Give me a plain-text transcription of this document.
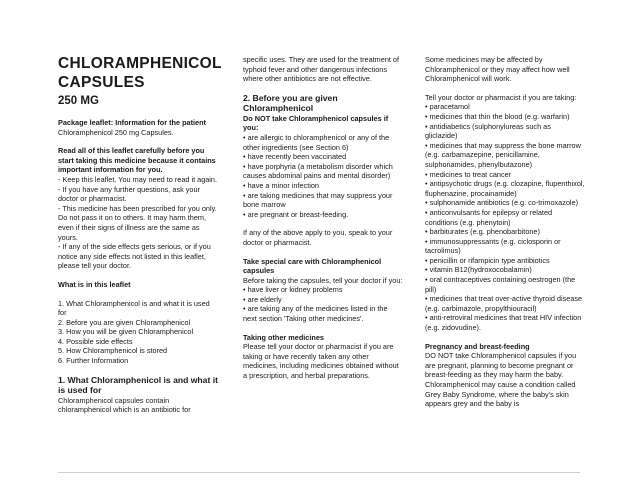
CHLORAMPHENICOL CAPSULES
250 MG

Package leaflet: Information for the patient
Chloramphenicol 250 mg Capsules.

Read all of this leaflet carefully before you start taking this medicine because it contains important information for you.
- Keep this leaflet. You may need to read it again.
- If you have any further questions, ask your doctor or pharmacist.
- This medicine has been prescribed for you only. Do not pass it on to others. It may harm them, even if their signs of illness are the same as yours.
- If any of the side effects gets serious, or if you notice any side effects not listed in this leaflet, please tell your doctor.

What is in this leaflet

1. What Chloramphenicol is and what it is used for
2. Before you are given Chloramphenicol
3. How you will be given Chloramphenicol
4. Possible side effects
5. How Chloramphenicol is stored
6. Further Information

1. What Chloramphenicol is and what it is used for
Chloramphenicol capsules contain chloramphenicol which is an antibiotic for

specific uses. They are used for the treatment of typhoid fever and other dangerous infections where other antibiotics are not effective.

2. Before you are given Chloramphenicol
Do NOT take Chloramphenicol capsules if you:
• are allergic to chloramphenicol or any of the other ingredients (see Section 6)
• have recently been vaccinated
• have porphyria (a metabolism disorder which causes abdominal pains and mental disorder)
• have a minor infection
• are taking medicines that may suppress your bone marrow
• are pregnant or breast-feeding.

If any of the above apply to you, speak to your doctor or pharmacist.

Take special care with Chloramphenicol capsules
Before taking the capsules, tell your doctor if you:
• have liver or kidney problems
• are elderly
• are taking any of the medicines listed in the next section 'Taking other medicines'.

Taking other medicines
Please tell your doctor or pharmacist if you are taking or have recently taken any other medicines, including medicines obtained without a prescription, and herbal preparations.

Some medicines may be affected by Chloramphenicol or they may affect how well Chloramphenicol will work.

Tell your doctor or pharmacist if you are taking:
• paracetamol
• medicines that thin the blood (e.g. warfarin)
• antidiabetics (sulphonylureas such as gliclazide)
• medicines that may suppress the bone marrow (e.g. carbamazepine, penicillamine, sulphonamides, phenylbutazone)
• medicines to treat cancer
• antipsychotic drugs (e.g. clozapine, flupenthixol, fluphenazine, procainamide)
• sulphonamide antibiotics (e.g. co-trimoxazole)
• anticonvulsants for epilepsy or related conditions (e.g. phenytoin)
• barbiturates (e.g. phenobarbitone)
• immunosuppressants (e.g. ciclosporin or tacrolimus)
• penicillin or rifampicin type antibiotics
• vitamin B12(hydroxocobalamin)
• oral contraceptives containing oestrogen (the pill)
• medicines that treat over-active thyroid disease (e.g. carbimazole, propylthiouracil)
• anti-retroviral medicines that treat HIV infection (e.g. zidovudine).

Pregnancy and breast-feeding
DO NOT take Chloramphenicol capsules if you are pregnant, planning to become pregnant or breast-feeding as they may harm the baby.
Chloramphenicol may cause a condition called Grey Baby Syndrome, where the baby's skin appears grey and the baby is
